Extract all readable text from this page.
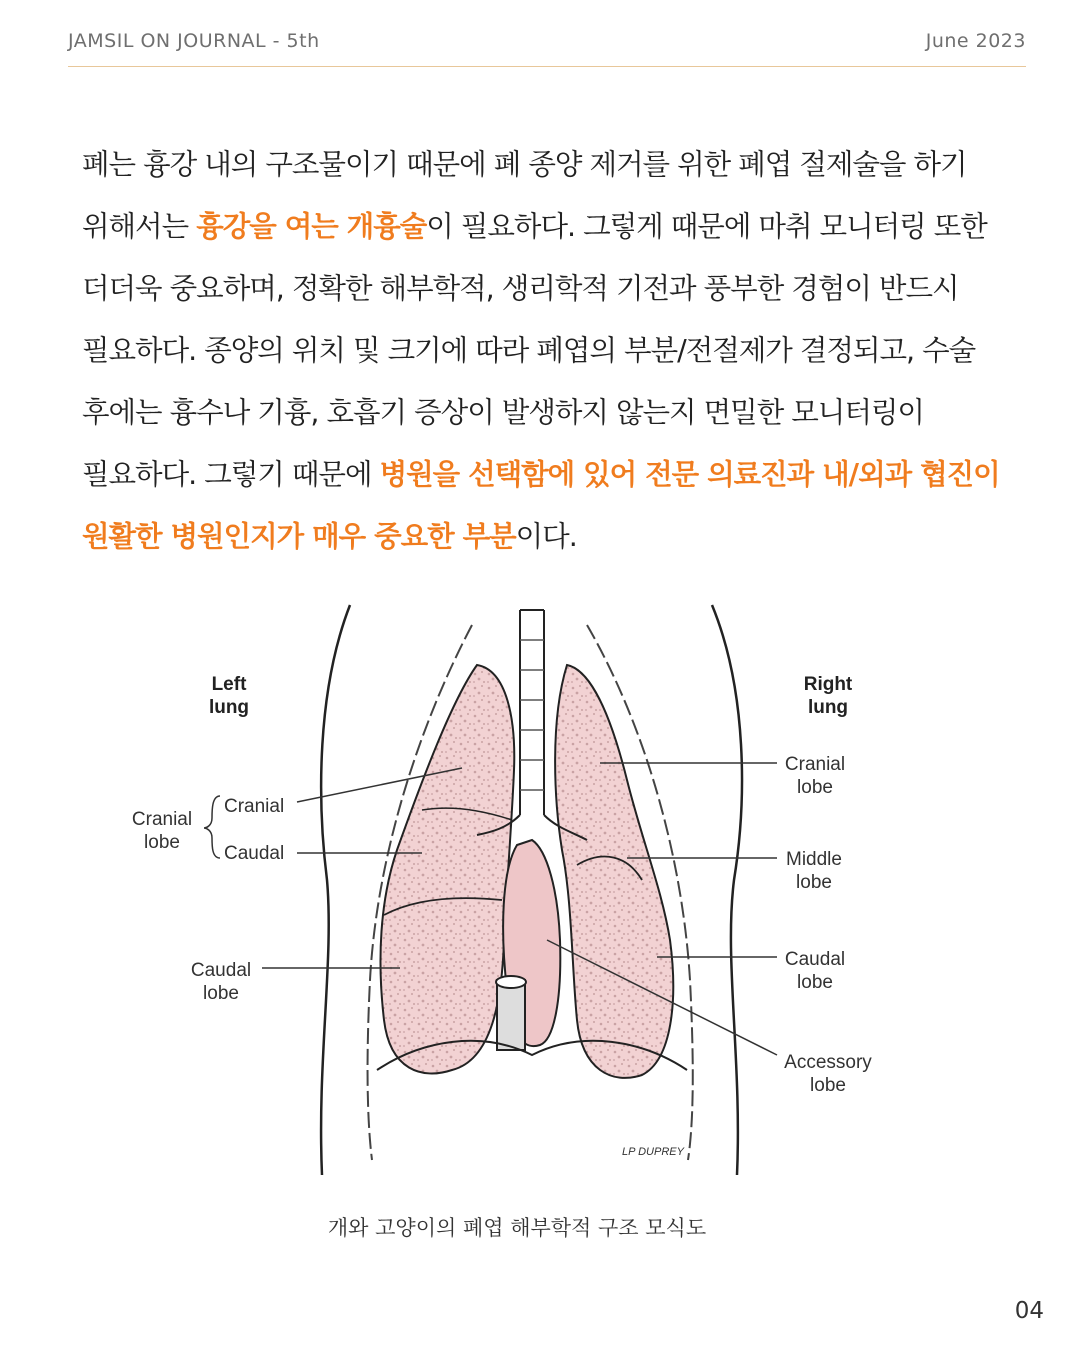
JAMSIL ON JOURNAL - 5th	June 2023
폐는 흉강 내의 구조물이기 때문에 폐 종양 제거를 위한 폐엽 절제술을 하기 위해서는 흉강을 여는 개흉술이 필요하다. 그렇게 때문에 마취 모니터링 또한 더더욱 중요하며, 정확한 해부학적, 생리학적 기전과 풍부한 경험이 반드시 필요하다. 종양의 위치 및 크기에 따라 폐엽의 부분/전절제가 결정되고, 수술 후에는 흉수나 기흉, 호흡기 증상이 발생하지 않는지 면밀한 모니터링이 필요하다. 그렇기 때문에 병원을 선택함에 있어 전문 의료진과 내/외과 협진이 원활한 병원인지가 매우 중요한 부분이다.
Left lung
Right lung
Cranial lobe
Cranial
Caudal
Caudal lobe
Cranial lobe
Middle lobe
Caudal lobe
Accessory lobe
LP DUPREY
개와 고양이의 폐엽 해부학적 구조 모식도
04
